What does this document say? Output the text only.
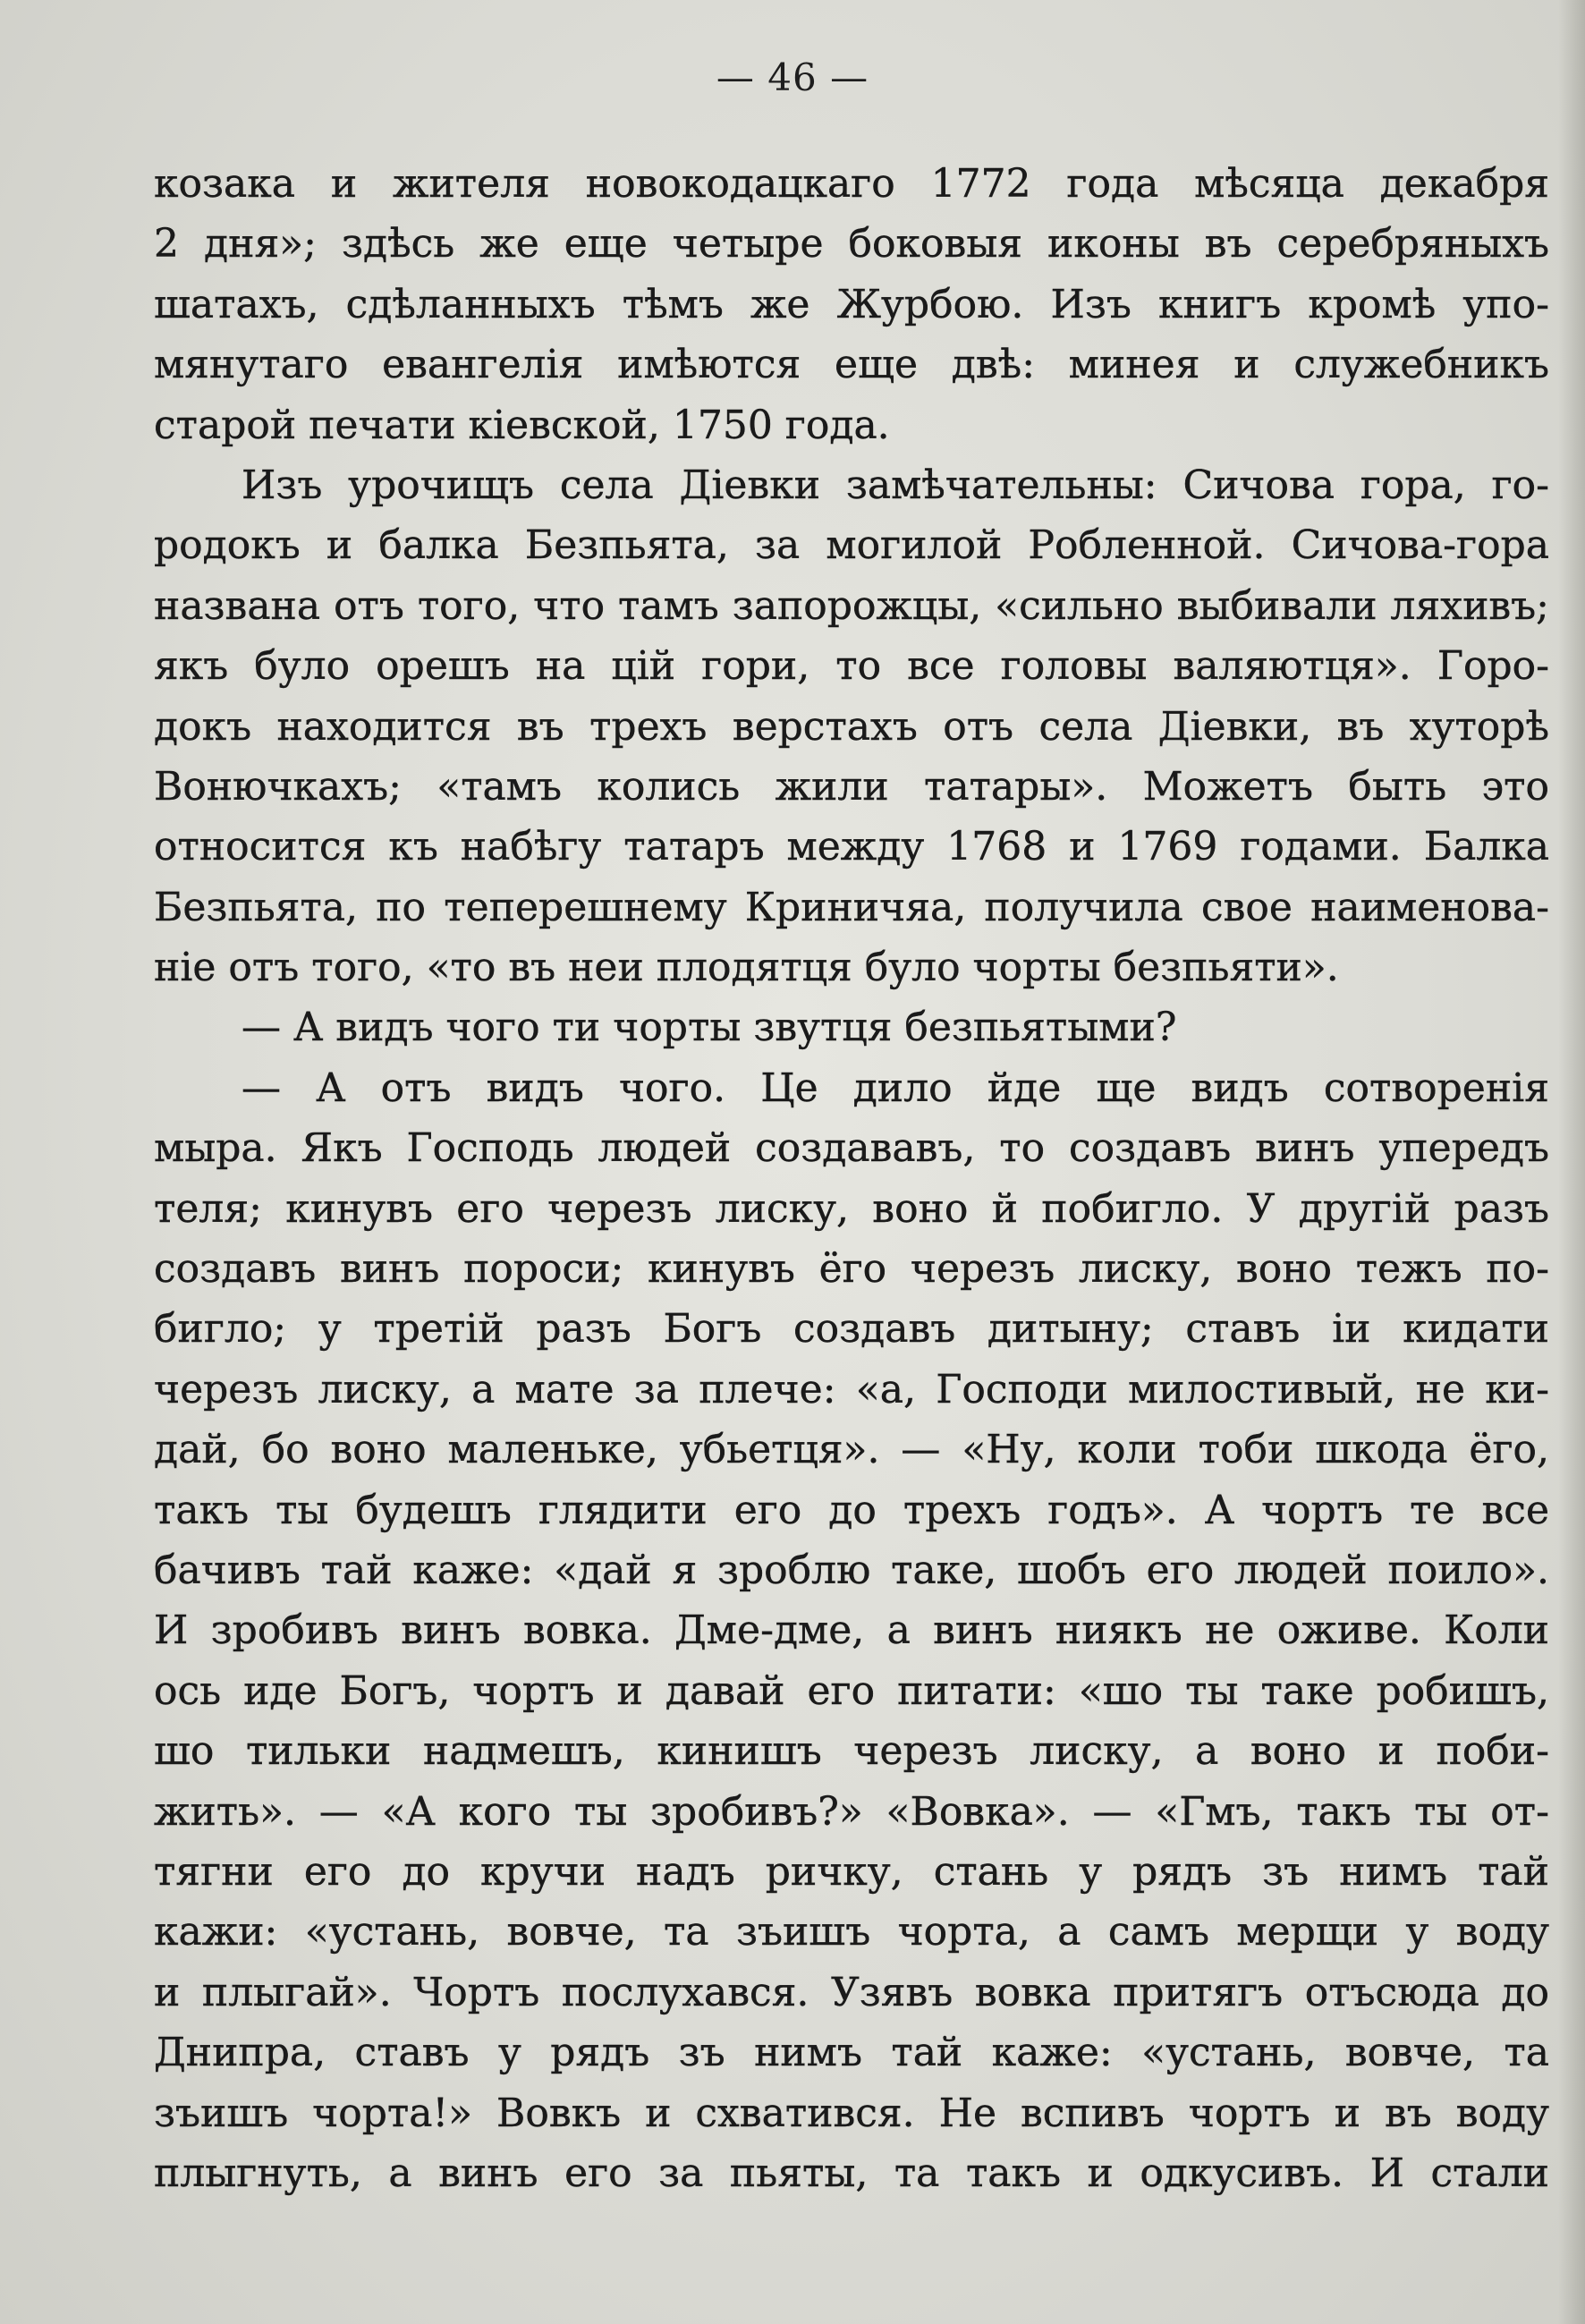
— 46 —
козака и жителя новокодацкаго 1772 года мѣсяца декабря
2 дня»; здѣсь же еще четыре боковыя иконы въ серебряныхъ
шатахъ, сдѣланныхъ тѣмъ же Журбою. Изъ книгъ кромѣ упо-
мянутаго евангелія имѣются еще двѣ: минея и служебникъ
старой печати кіевской, 1750 года.
Изъ урочищъ села Діевки замѣчательны: Сичова гора, го-
родокъ и балка Безпьята, за могилой Робленной. Сичова-гора
названа отъ того, что тамъ запорожцы, «сильно выбивали ляхивъ;
якъ було орешъ на цій гори, то все головы валяютця». Горо-
докъ находится въ трехъ верстахъ отъ села Діевки, въ хуторѣ
Вонючкахъ; «тамъ колись жили татары». Можетъ быть это
относится къ набѣгу татаръ между 1768 и 1769 годами. Балка
Безпьята, по теперешнему Криничяа, получила свое наименова-
ніе отъ того, «то въ неи плодятця було чорты безпьяти».
— А видъ чого ти чорты звутця безпьятыми?
— А отъ видъ чого. Це дило йде ще видъ сотворенія
мыра. Якъ Господь людей создававъ, то создавъ винъ упередъ
теля; кинувъ его черезъ лиску, воно й побигло. У другій разъ
создавъ винъ пороси; кинувъ ёго черезъ лиску, воно тежъ по-
бигло; у третій разъ Богъ создавъ дитыну; ставъ іи кидати
черезъ лиску, а мате за плече: «а, Господи милостивый, не ки-
дай, бо воно маленьке, убьетця». — «Ну, коли тоби шкода ёго,
такъ ты будешъ глядити его до трехъ годъ». А чортъ те все
бачивъ тай каже: «дай я зроблю таке, шобъ его людей поило».
И зробивъ винъ вовка. Дме-дме, а винъ ниякъ не оживе. Коли
ось иде Богъ, чортъ и давай его питати: «шо ты таке робишъ,
шо тильки надмешъ, кинишъ черезъ лиску, а воно и поби-
жить». — «А кого ты зробивъ?» «Вовка». — «Гмъ, такъ ты от-
тягни его до кручи надъ ричку, стань у рядъ зъ нимъ тай
кажи: «устань, вовче, та зъишъ чорта, а самъ мерщи у воду
и плыгай». Чортъ послухався. Узявъ вовка притягъ отъсюда до
Днипра, ставъ у рядъ зъ нимъ тай каже: «устань, вовче, та
зъишъ чорта!» Вовкъ и схватився. Не вспивъ чортъ и въ воду
плыгнуть, а винъ его за пьяты, та такъ и одкусивъ. И стали
